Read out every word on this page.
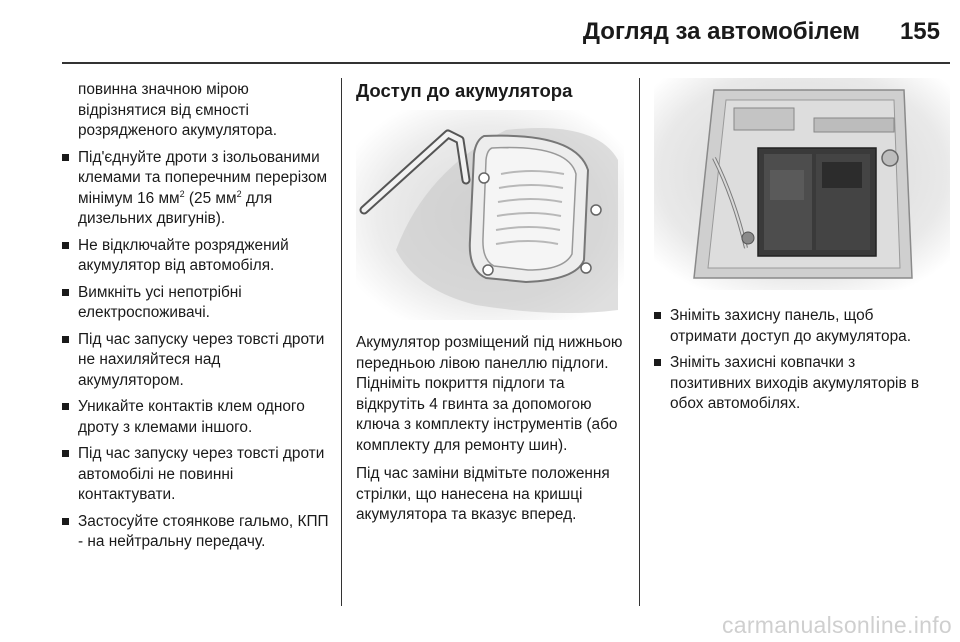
Догляд за автомобілем	155

повинна значною мірою відрізнятися від ємності розрядженого акумулятора.

Під'єднуйте дроти з ізольованими клемами та поперечним перерізом мінімум 16 $мм^2$ (25 $мм^2$ для дизельних двигунів).
Не відключайте розряджений акумулятор від автомобіля.
Вимкніть усі непотрібні електроспоживачі.
Під час запуску через товсті дроти не нахиляйтеся над акумулятором.
Уникайте контактів клем одного дроту з клемами іншого.
Під час запуску через товсті дроти автомобілі не повинні контактувати.
Застосуйте стоянкове гальмо, КПП - на нейтральну передачу.
Доступ до акумулятора

Акумулятор розміщений під нижньою передньою лівою панеллю підлоги. Підніміть покриття підлоги та відкрутіть 4 гвинта за допомогою ключа з комплекту інструментів (або комплекту для ремонту шин).

Під час заміни відмітьте положення стрілки, що нанесена на кришці акумулятора та вказує вперед.

Зніміть захисну панель, щоб отримати доступ до акумулятора.
Зніміть захисні ковпачки з позитивних виходів акумуляторів в обох автомобілях.
carmanualsonline.info
